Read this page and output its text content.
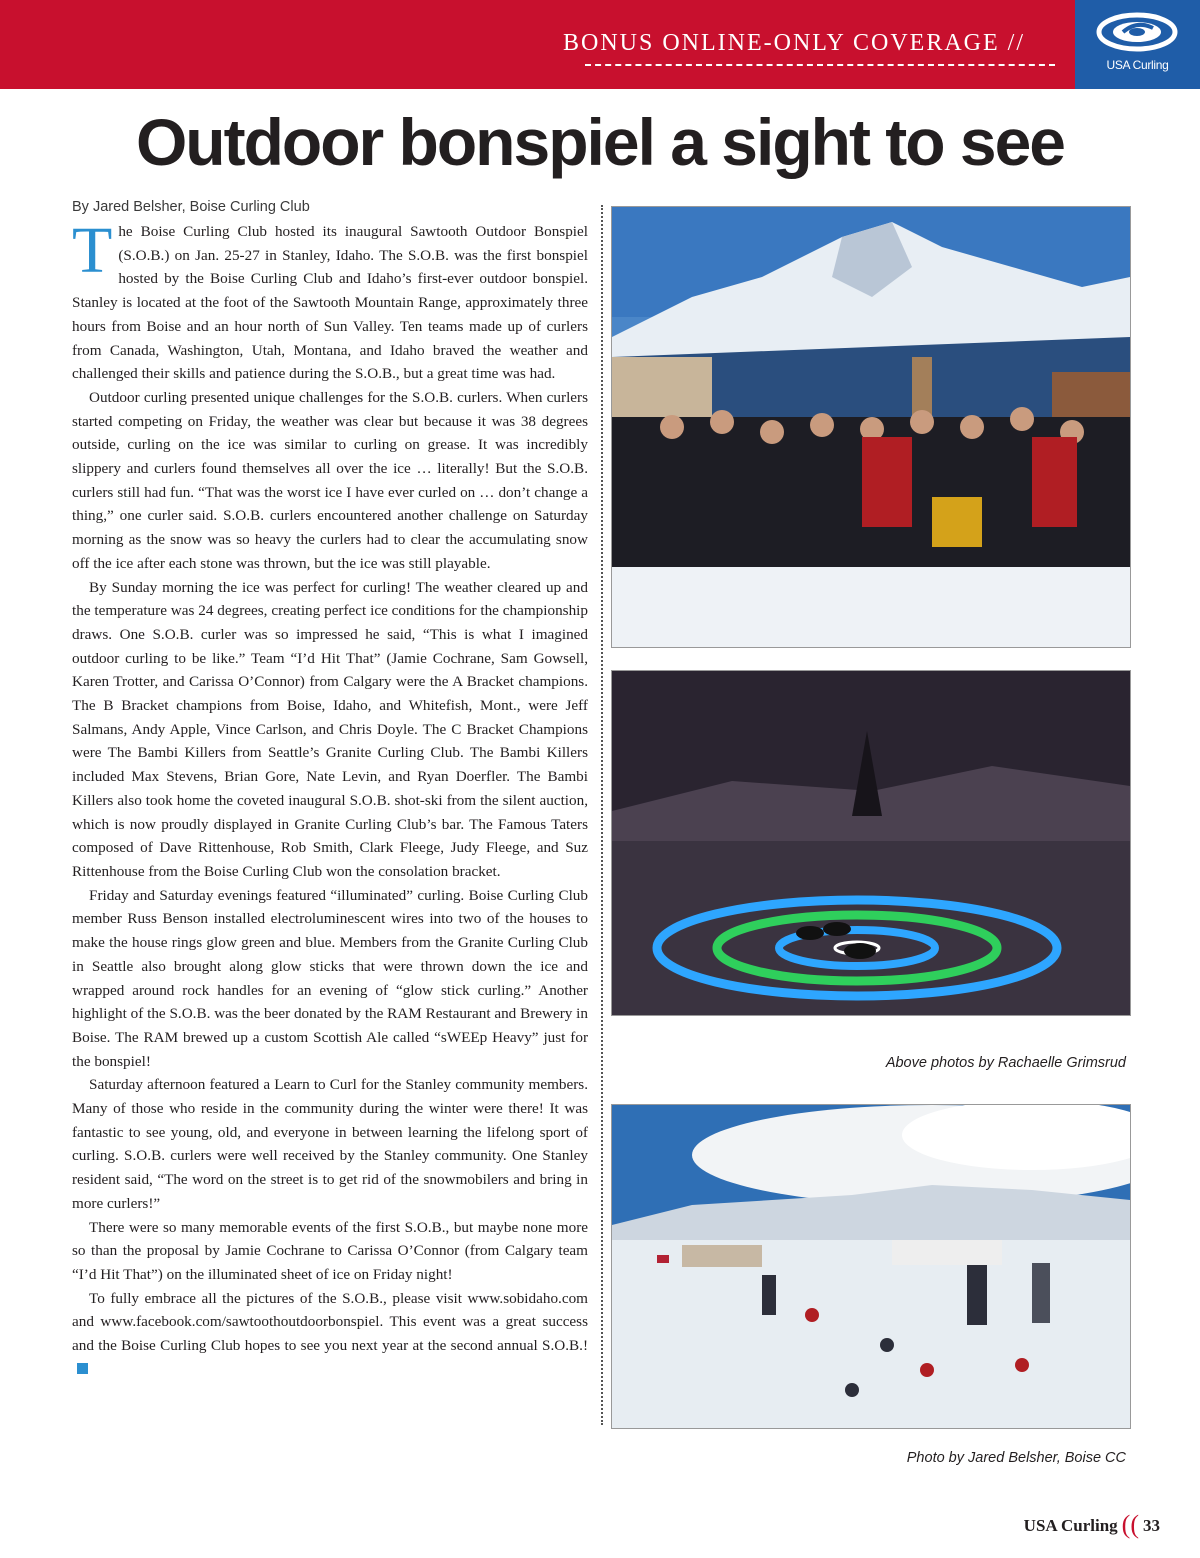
BONUS ONLINE-ONLY COVERAGE //
USA Curling
Outdoor bonspiel a sight to see
By Jared Belsher, Boise Curling Club

The Boise Curling Club hosted its inaugural Sawtooth Outdoor Bonspiel (S.O.B.) on Jan. 25-27 in Stanley, Idaho. The S.O.B. was the first bonspiel hosted by the Boise Curling Club and Idaho’s first-ever outdoor bonspiel. Stanley is located at the foot of the Sawtooth Mountain Range, approximately three hours from Boise and an hour north of Sun Valley. Ten teams made up of curlers from Canada, Washington, Utah, Montana, and Idaho braved the weather and challenged their skills and patience during the S.O.B., but a great time was had.

Outdoor curling presented unique challenges for the S.O.B. curlers. When curlers started competing on Friday, the weather was clear but because it was 38 degrees outside, curling on the ice was similar to curling on grease. It was incredibly slippery and curlers found themselves all over the ice … literally! But the S.O.B. curlers still had fun. “That was the worst ice I have ever curled on … don’t change a thing,” one curler said. S.O.B. curlers encountered another challenge on Saturday morning as the snow was so heavy the curlers had to clear the accumulating snow off the ice after each stone was thrown, but the ice was still playable.

By Sunday morning the ice was perfect for curling! The weather cleared up and the temperature was 24 degrees, creating perfect ice conditions for the championship draws. One S.O.B. curler was so impressed he said, “This is what I imagined outdoor curling to be like.” Team “I’d Hit That” (Jamie Cochrane, Sam Gowsell, Karen Trotter, and Carissa O’Connor) from Calgary were the A Bracket champions. The B Bracket champions from Boise, Idaho, and Whitefish, Mont., were Jeff Salmans, Andy Apple, Vince Carlson, and Chris Doyle. The C Bracket Champions were The Bambi Killers from Seattle’s Granite Curling Club. The Bambi Killers included Max Stevens, Brian Gore, Nate Levin, and Ryan Doerfler. The Bambi Killers also took home the coveted inaugural S.O.B. shot-ski from the silent auction, which is now proudly displayed in Granite Curling Club’s bar. The Famous Taters composed of Dave Rittenhouse, Rob Smith, Clark Fleege, Judy Fleege, and Suz Rittenhouse from the Boise Curling Club won the consolation bracket.

Friday and Saturday evenings featured “illuminated” curling. Boise Curling Club member Russ Benson installed electroluminescent wires into two of the houses to make the house rings glow green and blue. Members from the Granite Curling Club in Seattle also brought along glow sticks that were thrown down the ice and wrapped around rock handles for an evening of “glow stick curling.” Another highlight of the S.O.B. was the beer donated by the RAM Restaurant and Brewery in Boise. The RAM brewed up a custom Scottish Ale called “sWEEp Heavy” just for the bonspiel!

Saturday afternoon featured a Learn to Curl for the Stanley community members. Many of those who reside in the community during the winter were there! It was fantastic to see young, old, and everyone in between learning the lifelong sport of curling. S.O.B. curlers were well received by the Stanley community. One Stanley resident said, “The word on the street is to get rid of the snowmobilers and bring in more curlers!”

There were so many memorable events of the first S.O.B., but maybe none more so than the proposal by Jamie Cochrane to Carissa O’Connor (from Calgary team “I’d Hit That”) on the illuminated sheet of ice on Friday night!

To fully embrace all the pictures of the S.O.B., please visit www.sobidaho.com and www.facebook.com/sawtoothoutdoorbonspiel. This event was a great success and the Boise Curling Club hopes to see you next year at the second annual S.O.B.!

Above photos by Rachaelle Grimsrud
Photo by Jared Belsher, Boise CC
USA Curling (( 33
